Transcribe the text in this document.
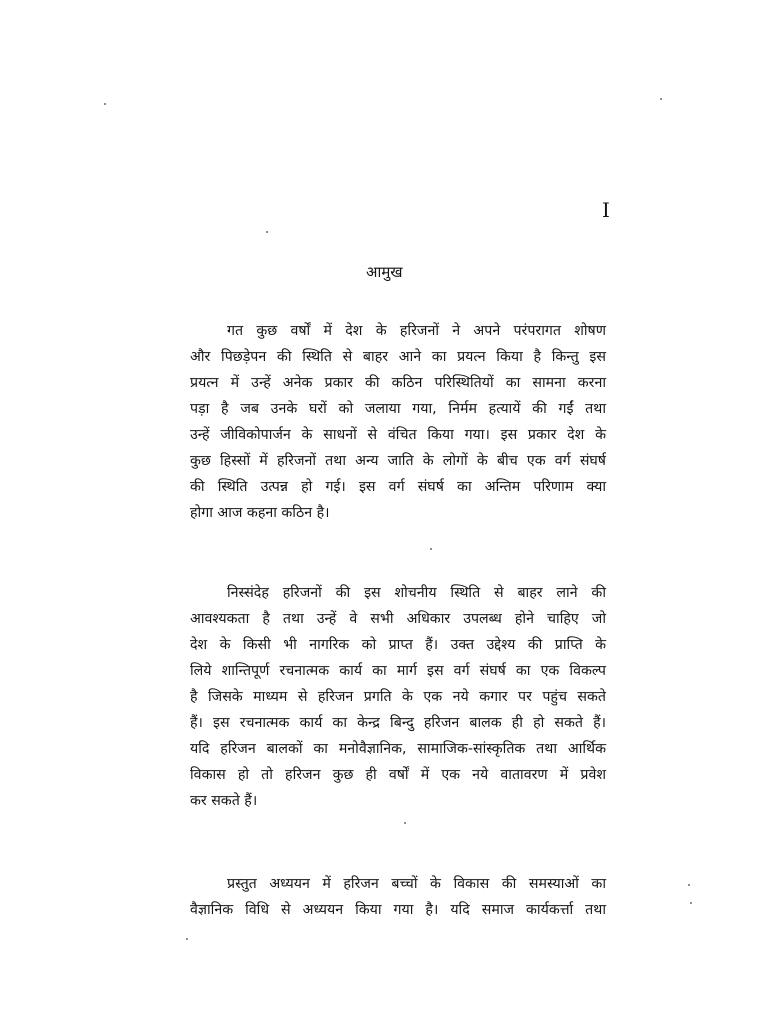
I
आमुख
गत कुछ वर्षों में देश के हरिजनों ने अपने परंपरागत शोषण
और पिछड़ेपन की स्थिति से बाहर आने का प्रयत्न किया है किन्तु इस
प्रयत्न में उन्हें अनेक प्रकार की कठिन परिस्थितियों का सामना करना
पड़ा है जब उनके घरों को जलाया गया, निर्मम हत्यायें की गईं तथा
उन्हें जीविकोपार्जन के साधनों से वंचित किया गया। इस प्रकार देश के
कुछ हिस्सों में हरिजनों तथा अन्य जाति के लोगों के बीच एक वर्ग संघर्ष
की स्थिति उत्पन्न हो गई। इस वर्ग संघर्ष का अन्तिम परिणाम क्या
होगा आज कहना कठिन है।
निस्संदेह हरिजनों की इस शोचनीय स्थिति से बाहर लाने की
आवश्यकता है तथा उन्हें वे सभी अधिकार उपलब्ध होने चाहिए जो
देश के किसी भी नागरिक को प्राप्त हैं। उक्त उद्देश्य की प्राप्ति के
लिये शान्तिपूर्ण रचनात्मक कार्य का मार्ग इस वर्ग संघर्ष का एक विकल्प
है जिसके माध्यम से हरिजन प्रगति के एक नये कगार पर पहुंच सकते
हैं। इस रचनात्मक कार्य का केन्द्र बिन्दु हरिजन बालक ही हो सकते हैं।
यदि हरिजन बालकों का मनोवैज्ञानिक, सामाजिक-सांस्कृतिक तथा आर्थिक
विकास हो तो हरिजन कुछ ही वर्षों में एक नये वातावरण में प्रवेश
कर सकते हैं।
प्रस्तुत अध्ययन में हरिजन बच्चों के विकास की समस्याओं का
वैज्ञानिक विधि से अध्ययन किया गया है। यदि समाज कार्यकर्त्ता तथा
